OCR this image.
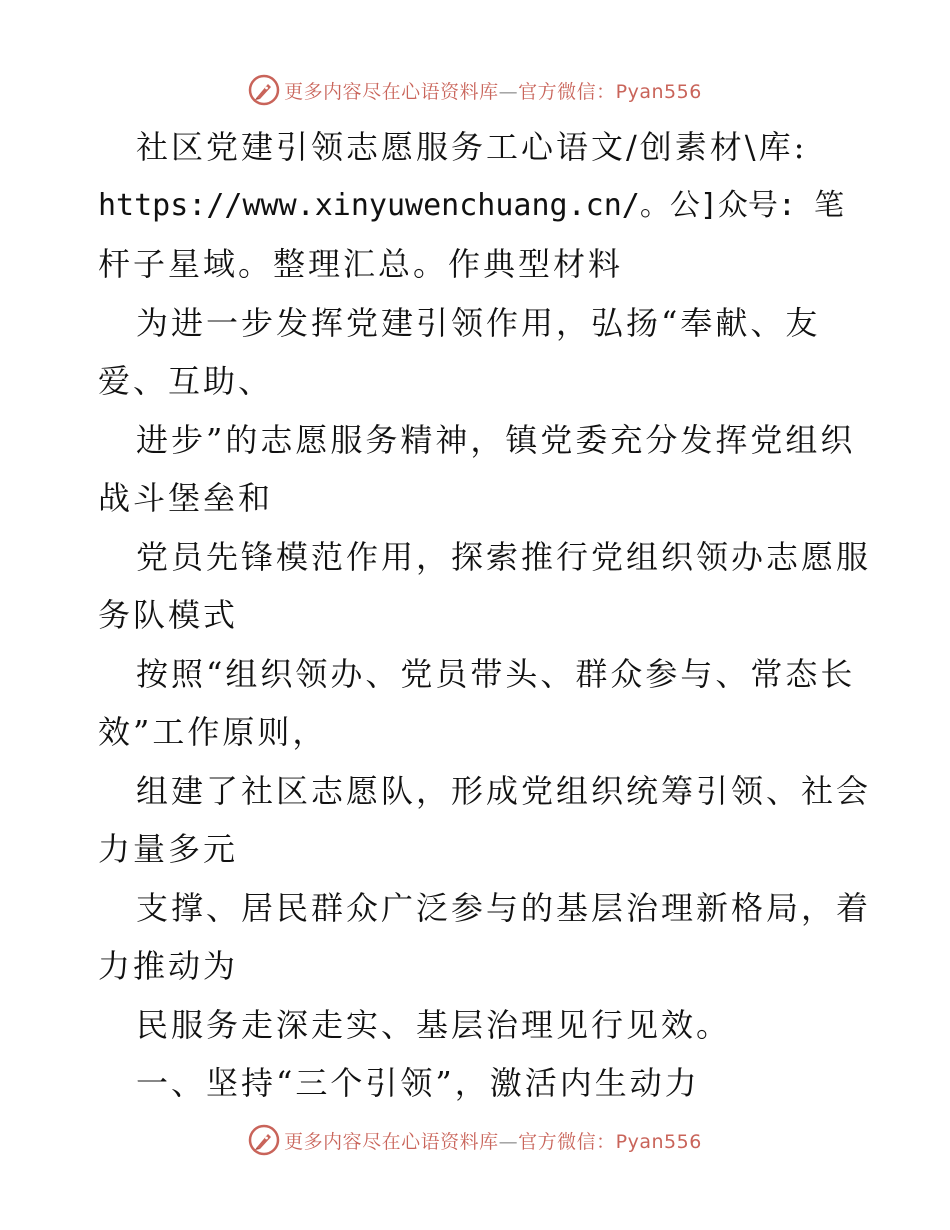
更多内容尽在心语资料库—官方微信：Pyan556
社区党建引领志愿服务工心语文/创素材\库:
https://www.xinyuwenchuang.cn/。公]众号: 笔
杆子星域。整理汇总。作典型材料
为进一步发挥党建引领作用，弘扬“奉献、友
爱、互助、
进步”的志愿服务精神，镇党委充分发挥党组织
战斗堡垒和
党员先锋模范作用，探索推行党组织领办志愿服
务队模式
按照“组织领办、党员带头、群众参与、常态长
效”工作原则，
组建了社区志愿队，形成党组织统筹引领、社会
力量多元
支撑、居民群众广泛参与的基层治理新格局，着
力推动为
民服务走深走实、基层治理见行见效。
一、坚持“三个引领”，激活内生动力
更多内容尽在心语资料库—官方微信：Pyan556
